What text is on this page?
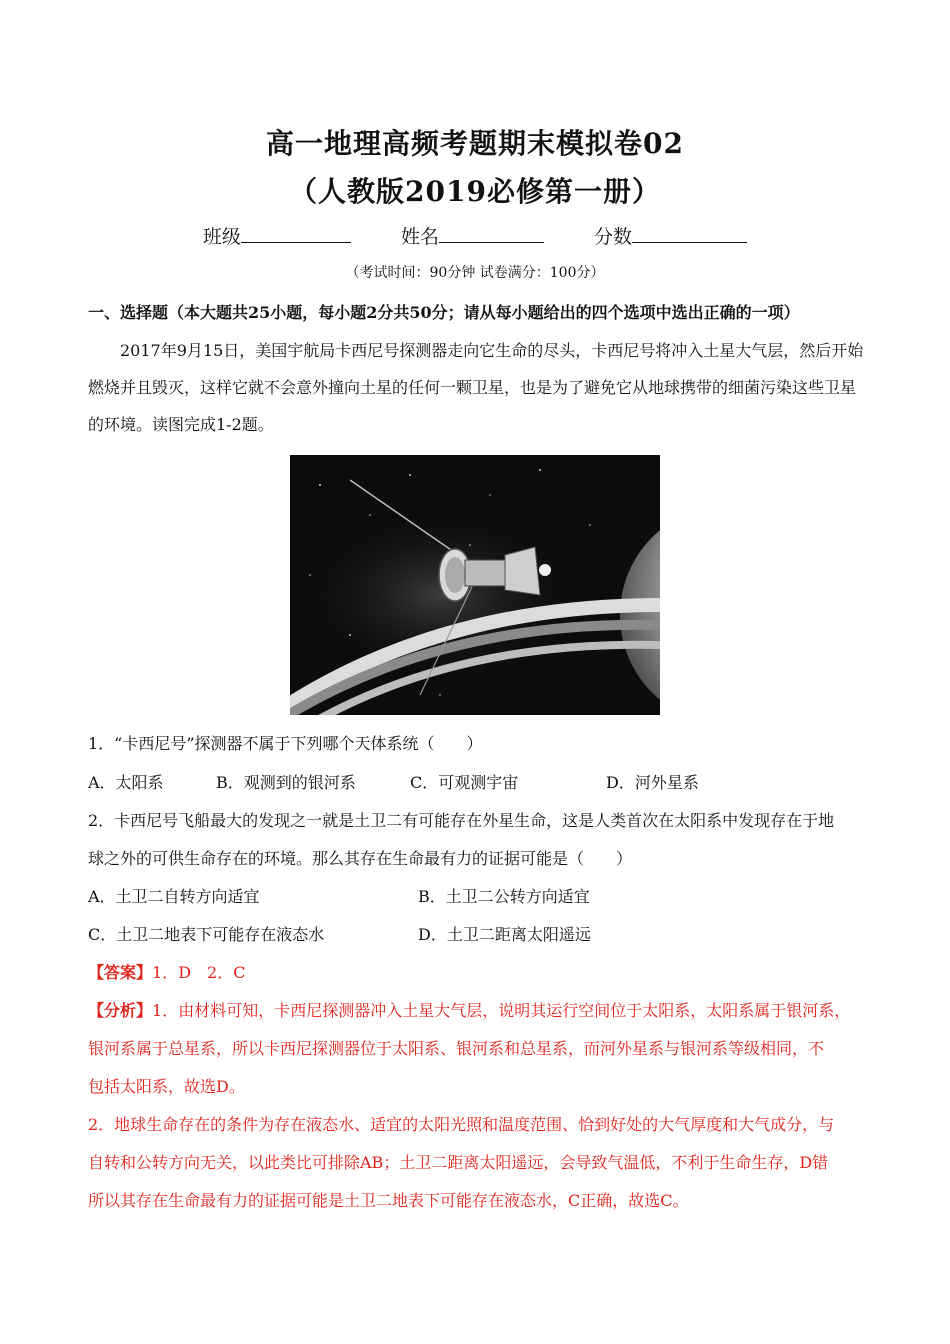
高一地理高频考题期末模拟卷02
（人教版2019必修第一册）
班级	姓名	分数
（考试时间：90分钟 试卷满分：100分）
一、选择题（本大题共25小题，每小题2分共50分；请从每小题给出的四个选项中选出正确的一项）
2017年9月15日，美国宇航局卡西尼号探测器走向它生命的尽头，卡西尼号将冲入土星大气层，然后开始燃烧并且毁灭，这样它就不会意外撞向土星的任何一颗卫星，也是为了避免它从地球携带的细菌污染这些卫星的环境。读图完成1-2题。
1．“卡西尼号”探测器不属于下列哪个天体系统（　　）
A．太阳系	B．观测到的银河系	C．可观测宇宙	D．河外星系
2．卡西尼号飞船最大的发现之一就是土卫二有可能存在外星生命，这是人类首次在太阳系中发现存在于地
球之外的可供生命存在的环境。那么其存在生命最有力的证据可能是（　　）
A．土卫二自转方向适宜	B．土卫二公转方向适宜
C．土卫二地表下可能存在液态水	D．土卫二距离太阳遥远
【答案】1．D　2．C
【分析】1．由材料可知，卡西尼探测器冲入土星大气层，说明其运行空间位于太阳系，太阳系属于银河系，
银河系属于总星系，所以卡西尼探测器位于太阳系、银河系和总星系，而河外星系与银河系等级相同，不
包括太阳系，故选D。
2．地球生命存在的条件为存在液态水、适宜的太阳光照和温度范围、恰到好处的大气厚度和大气成分，与
自转和公转方向无关，以此类比可排除AB；土卫二距离太阳遥远，会导致气温低，不利于生命生存，D错
所以其存在生命最有力的证据可能是土卫二地表下可能存在液态水，C正确，故选C。
